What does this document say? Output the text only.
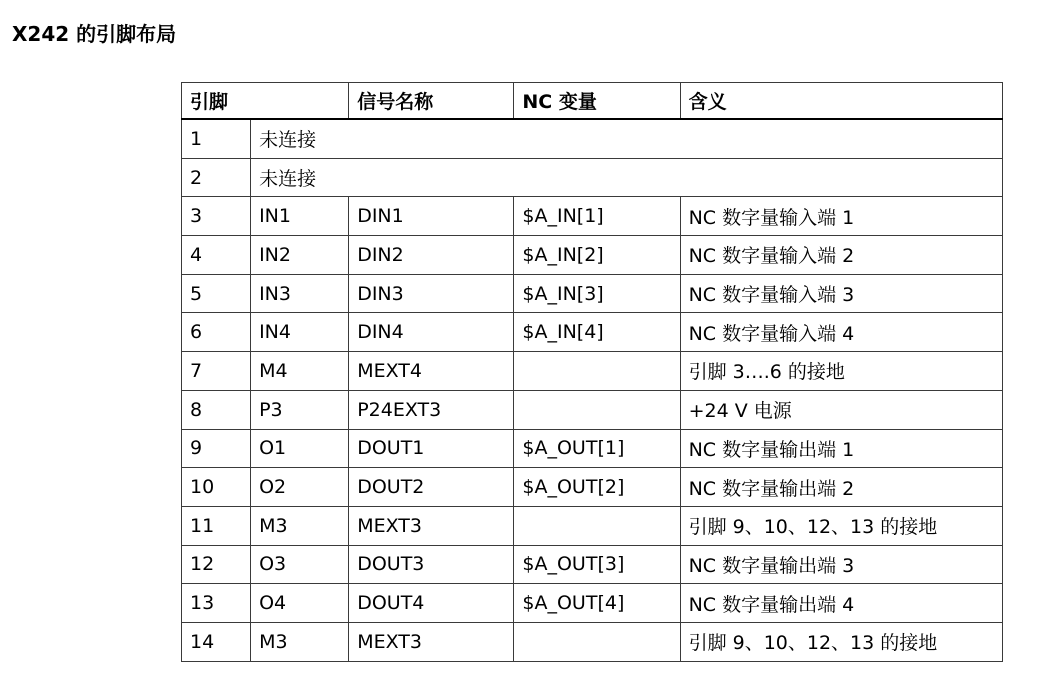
X242 的引脚布局
引脚		信号名称	NC 变量	含义
1	未连接			
2	未连接			
3	IN1	DIN1	$A_IN[1]	NC 数字量输入端 1
4	IN2	DIN2	$A_IN[2]	NC 数字量输入端 2
5	IN3	DIN3	$A_IN[3]	NC 数字量输入端 3
6	IN4	DIN4	$A_IN[4]	NC 数字量输入端 4
7	M4	MEXT4		引脚 3….6 的接地
8	P3	P24EXT3		+24 V 电源
9	O1	DOUT1	$A_OUT[1]	NC 数字量输出端 1
10	O2	DOUT2	$A_OUT[2]	NC 数字量输出端 2
11	M3	MEXT3		引脚 9、10、12、13 的接地
12	O3	DOUT3	$A_OUT[3]	NC 数字量输出端 3
13	O4	DOUT4	$A_OUT[4]	NC 数字量输出端 4
14	M3	MEXT3		引脚 9、10、12、13 的接地
